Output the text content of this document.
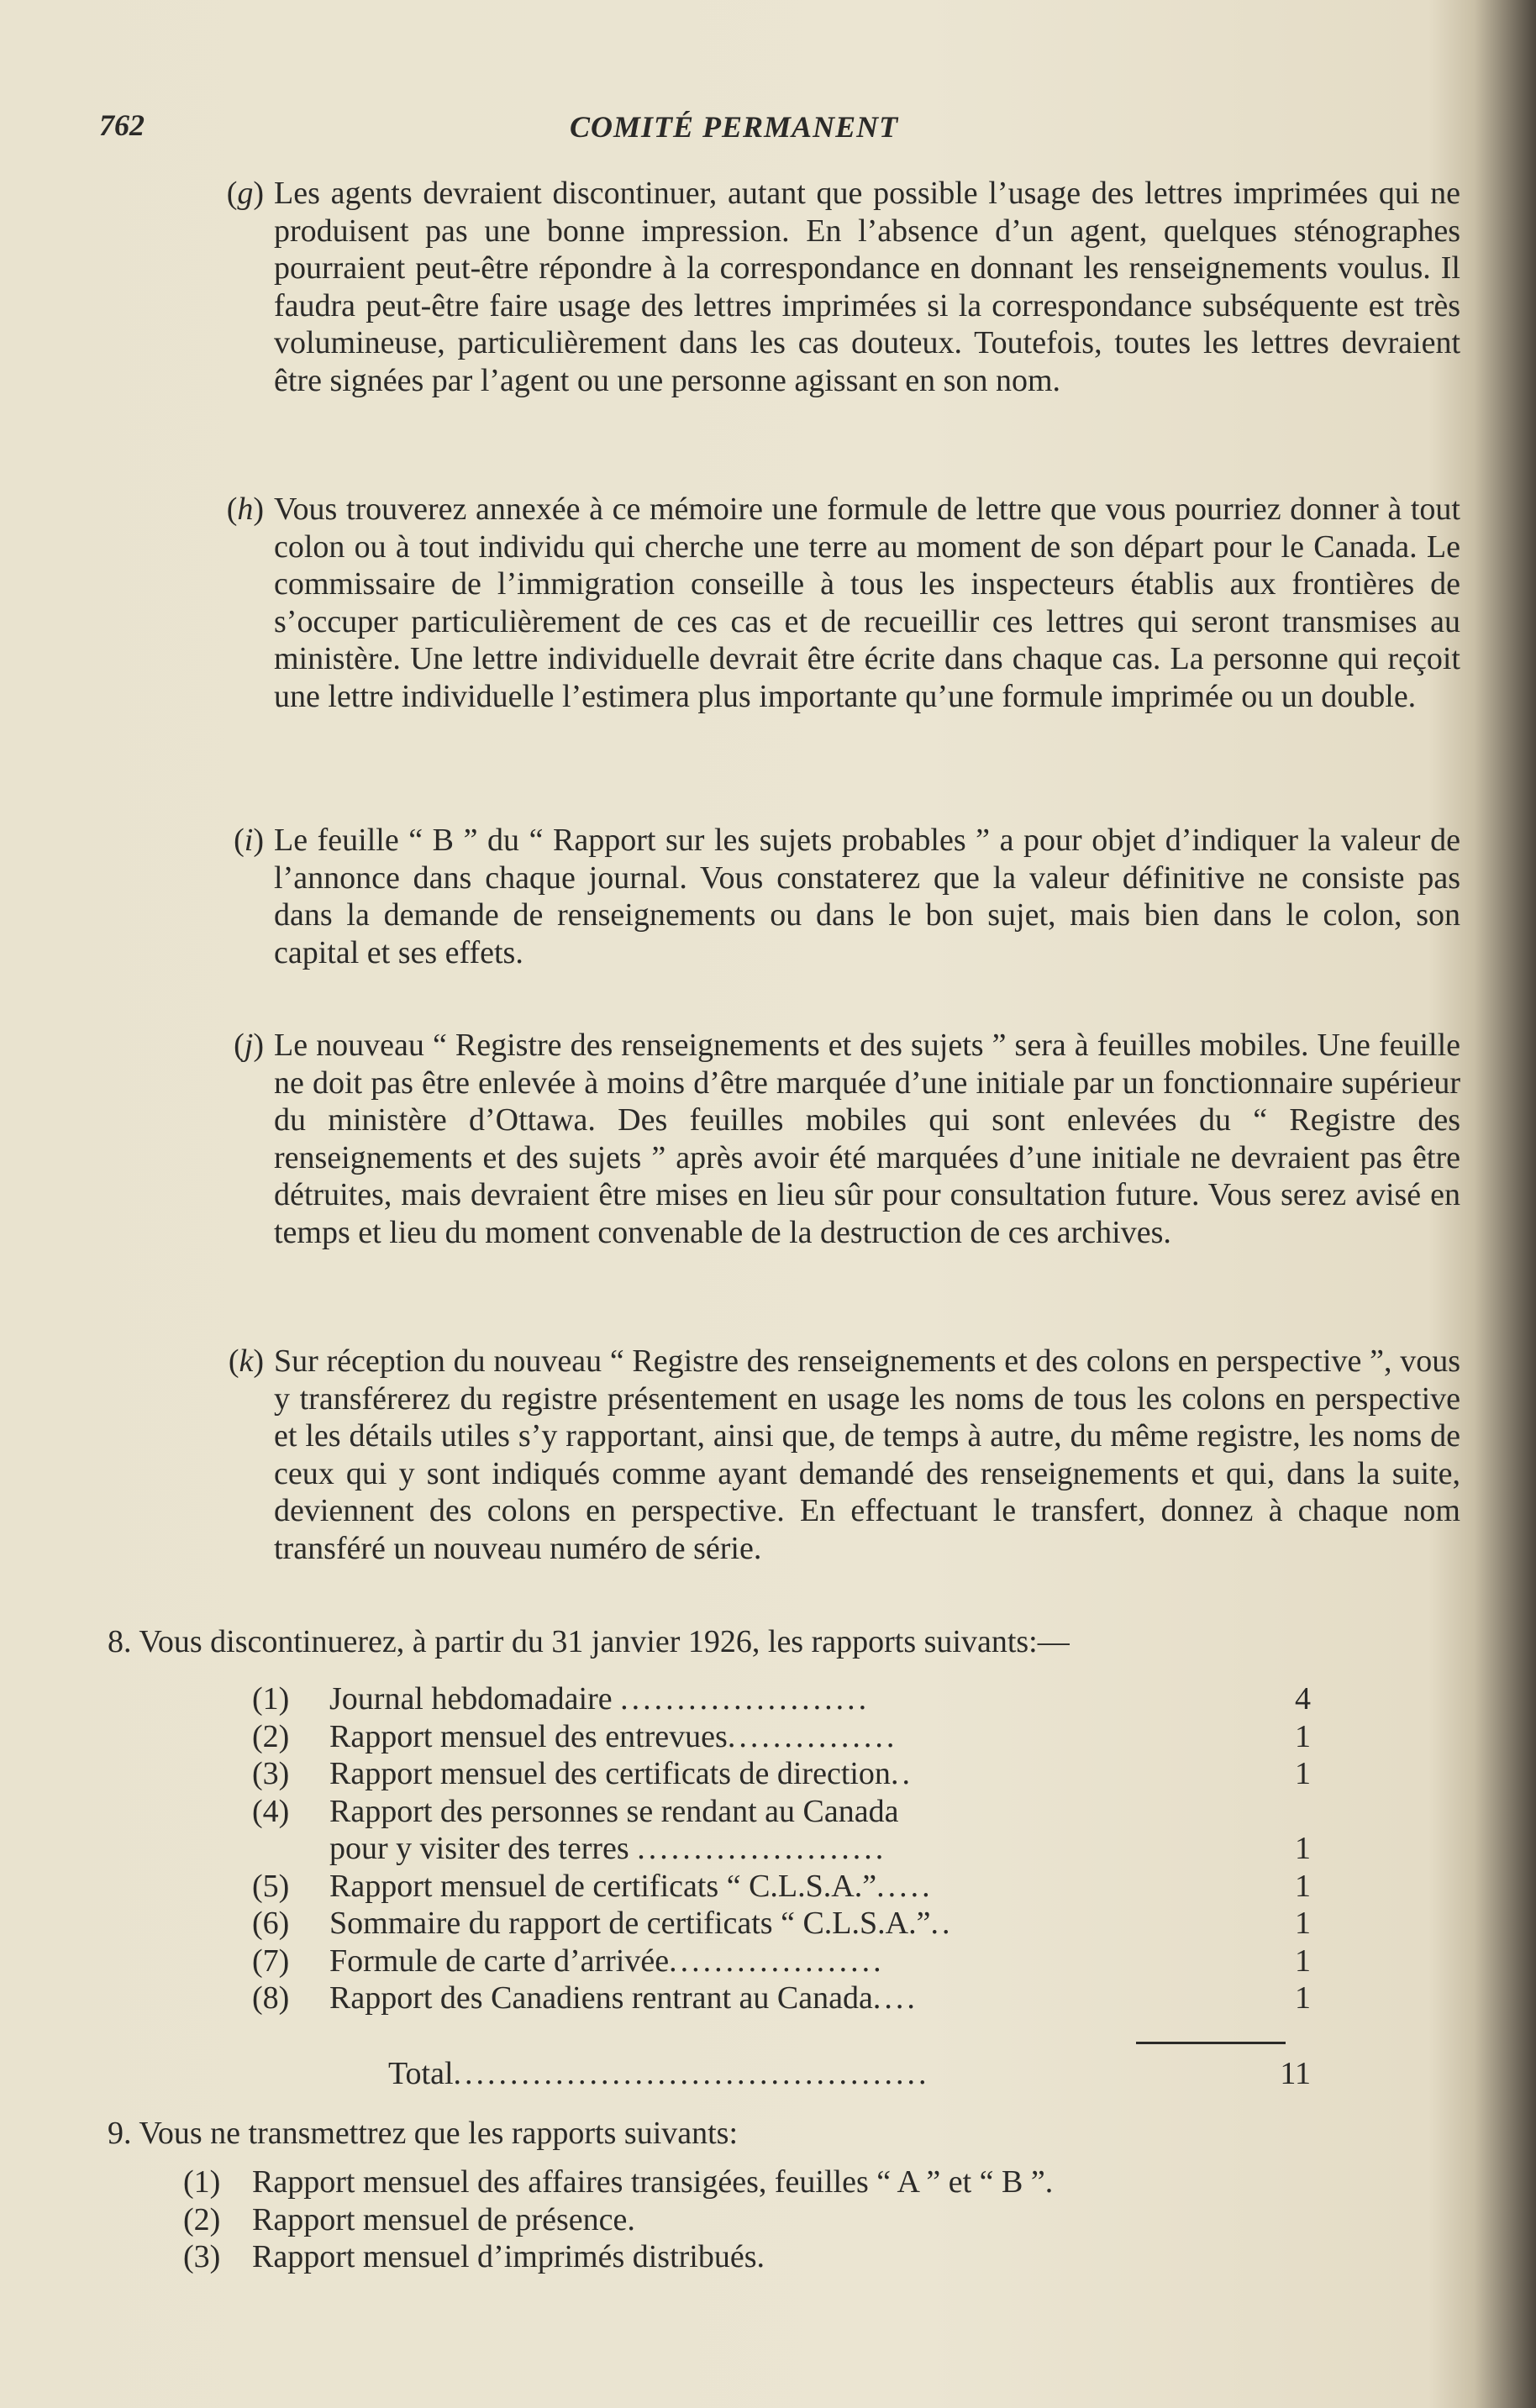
762	COMITÉ PERMANENT
(g) Les agents devraient discontinuer, autant que possible l’usage des lettres imprimées qui ne produisent pas une bonne impression. En l’absence d’un agent, quelques sténographes pourraient peut-être répondre à la correspondance en donnant les renseignements voulus. Il faudra peut-être faire usage des lettres imprimées si la correspondance subséquente est très volumineuse, particulièrement dans les cas douteux. Toutefois, toutes les lettres devraient être signées par l’agent ou une personne agissant en son nom.
(h) Vous trouverez annexée à ce mémoire une formule de lettre que vous pourriez donner à tout colon ou à tout individu qui cherche une terre au moment de son départ pour le Canada. Le commissaire de l’immigration conseille à tous les inspecteurs établis aux frontières de s’occuper particulièrement de ces cas et de recueillir ces lettres qui seront transmises au ministère. Une lettre individuelle devrait être écrite dans chaque cas. La personne qui reçoit une lettre individuelle l’estimera plus importante qu’une formule imprimée ou un double.
(i) Le feuille “ B ” du “ Rapport sur les sujets probables ” a pour objet d’indiquer la valeur de l’annonce dans chaque journal. Vous constaterez que la valeur définitive ne consiste pas dans la demande de renseignements ou dans le bon sujet, mais bien dans le colon, son capital et ses effets.
(j) Le nouveau “ Registre des renseignements et des sujets ” sera à feuilles mobiles. Une feuille ne doit pas être enlevée à moins d’être marquée d’une initiale par un fonctionnaire supérieur du ministère d’Ottawa. Des feuilles mobiles qui sont enlevées du “ Registre des renseignements et des sujets ” après avoir été marquées d’une initiale ne devraient pas être détruites, mais devraient être mises en lieu sûr pour consultation future. Vous serez avisé en temps et lieu du moment convenable de la destruction de ces archives.
(k) Sur réception du nouveau “ Registre des renseignements et des colons en perspective ”, vous y transférerez du registre présentement en usage les noms de tous les colons en perspective et les détails utiles s’y rapportant, ainsi que, de temps à autre, du même registre, les noms de ceux qui y sont indiqués comme ayant demandé des renseignements et qui, dans la suite, deviennent des colons en perspective. En effectuant le transfert, donnez à chaque nom transféré un nouveau numéro de série.
8. Vous discontinuerez, à partir du 31 janvier 1926, les rapports suivants:—
(1)	Journal hebdomadaire ......................	4
(2)	Rapport mensuel des entrevues...............	1
(3)	Rapport mensuel des certificats de direction..	1
(4)	Rapport des personnes se rendant au Canada
pour y visiter des terres ......................	1
(5)	Rapport mensuel de certificats “ C.L.S.A.”.....	1
(6)	Sommaire du rapport de certificats “ C.L.S.A.”..	1
(7)	Formule de carte d’arrivée...................	1
(8)	Rapport des Canadiens rentrant au Canada....	1
Total..........................................	11
9. Vous ne transmettrez que les rapports suivants:
(1) Rapport mensuel des affaires transigées, feuilles “ A ” et “ B ”.
(2) Rapport mensuel de présence.
(3) Rapport mensuel d’imprimés distribués.
